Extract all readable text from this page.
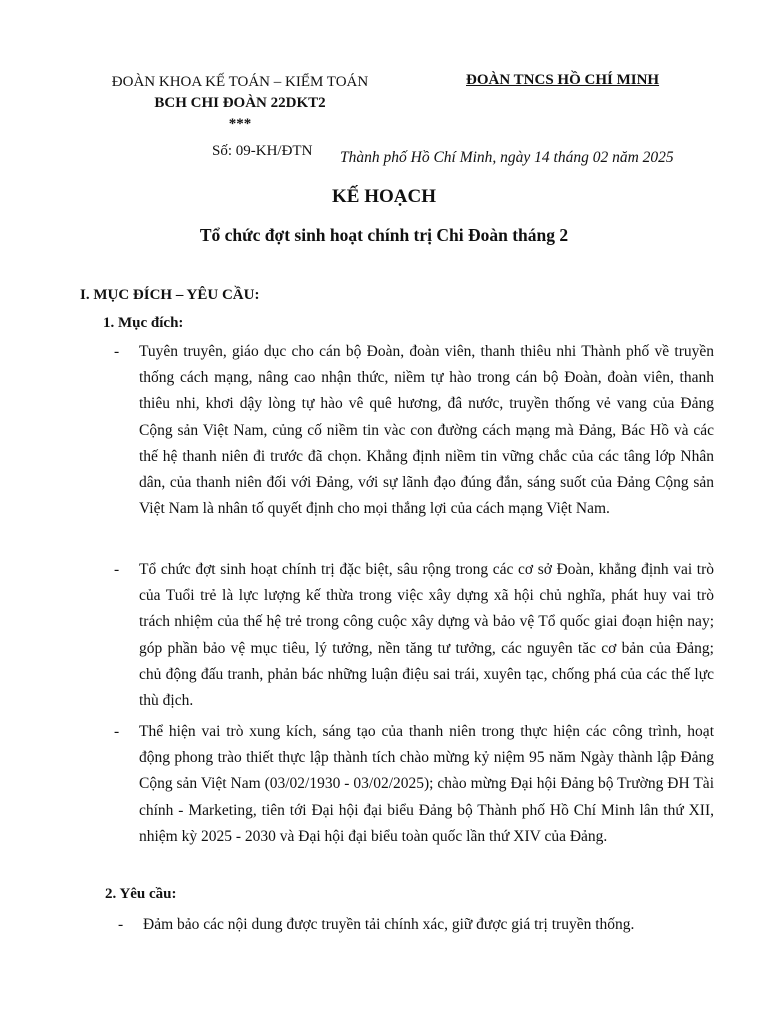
ĐOÀN KHOA KẾ TOÁN – KIỂM TOÁN
BCH CHI ĐOÀN 22DKT2
***
ĐOÀN TNCS HỒ CHÍ MINH
Số: 09-KH/ĐTN Thành phố Hồ Chí Minh, ngày 14 tháng 02 năm 2025
KẾ HOẠCH
Tổ chức đợt sinh hoạt chính trị Chi Đoàn tháng 2
I. MỤC ĐÍCH – YÊU CẦU:
1. Mục đích:
- Tuyên truyên, giáo dục cho cán bộ Đoàn, đoàn viên, thanh thiêu nhi Thành phố về truyền thống cách mạng, nâng cao nhận thức, niềm tự hào trong cán bộ Đoàn, đoàn viên, thanh thiêu nhi, khơi dậy lòng tự hào vê quê hương, đâ nước, truyền thống vẻ vang của Đảng Cộng sản Việt Nam, củng cố niềm tin vàc con đường cách mạng mà Đảng, Bác Hồ và các thế hệ thanh niên đi trước đã chọn. Khẳng định niềm tin vững chắc của các tâng lớp Nhân dân, của thanh niên đối với Đảng, với sự lãnh đạo đúng đắn, sáng suốt của Đảng Cộng sản Việt Nam là nhân tố quyết định cho mọi thắng lợi của cách mạng Việt Nam.
- Tổ chức đợt sinh hoạt chính trị đặc biệt, sâu rộng trong các cơ sở Đoàn, khẳng định vai trò của Tuổi trẻ là lực lượng kế thừa trong việc xây dựng xã hội chủ nghĩa, phát huy vai trò trách nhiệm của thế hệ trẻ trong công cuộc xây dựng và bảo vệ Tổ quốc giai đoạn hiện nay; góp phần bảo vệ mục tiêu, lý tưởng, nền tăng tư tưởng, các nguyên tăc cơ bản của Đảng; chủ động đấu tranh, phản bác những luận điệu sai trái, xuyên tạc, chống phá của các thế lực thù địch.
- Thể hiện vai trò xung kích, sáng tạo của thanh niên trong thực hiện các công trình, hoạt động phong trào thiết thực lập thành tích chào mừng kỷ niệm 95 năm Ngày thành lập Đảng Cộng sản Việt Nam (03/02/1930 - 03/02/2025); chào mừng Đại hội Đảng bộ Trường ĐH Tài chính - Marketing, tiên tới Đại hội đại biểu Đảng bộ Thành phố Hồ Chí Minh lân thứ XII, nhiệm kỳ 2025 - 2030 và Đại hội đại biểu toàn quốc lần thứ XIV của Đảng.
2. Yêu cầu:
- Đảm bảo các nội dung được truyền tải chính xác, giữ được giá trị truyền thống.
